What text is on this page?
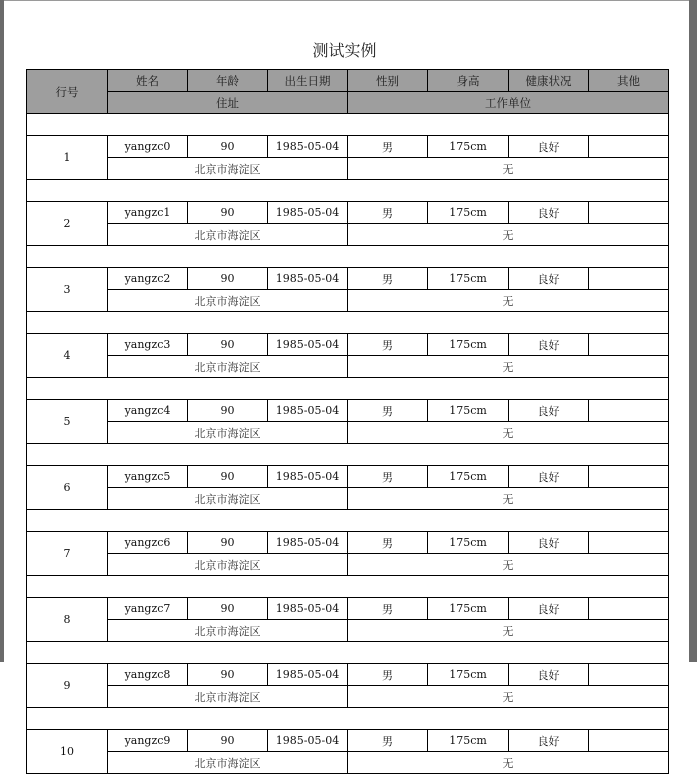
测试实例
行号	姓名	年龄	出生日期	性别	身高	健康状况	其他
	住址			工作单位			

1	yangzc0	90	1985-05-04	男	175cm	良好	
	北京市海淀区			无			

2	yangzc1	90	1985-05-04	男	175cm	良好	
	北京市海淀区			无			

3	yangzc2	90	1985-05-04	男	175cm	良好	
	北京市海淀区			无			

4	yangzc3	90	1985-05-04	男	175cm	良好	
	北京市海淀区			无			

5	yangzc4	90	1985-05-04	男	175cm	良好	
	北京市海淀区			无			

6	yangzc5	90	1985-05-04	男	175cm	良好	
	北京市海淀区			无			

7	yangzc6	90	1985-05-04	男	175cm	良好	
	北京市海淀区			无			

8	yangzc7	90	1985-05-04	男	175cm	良好	
	北京市海淀区			无			

9	yangzc8	90	1985-05-04	男	175cm	良好	
	北京市海淀区			无			

10	yangzc9	90	1985-05-04	男	175cm	良好	
	北京市海淀区			无			
